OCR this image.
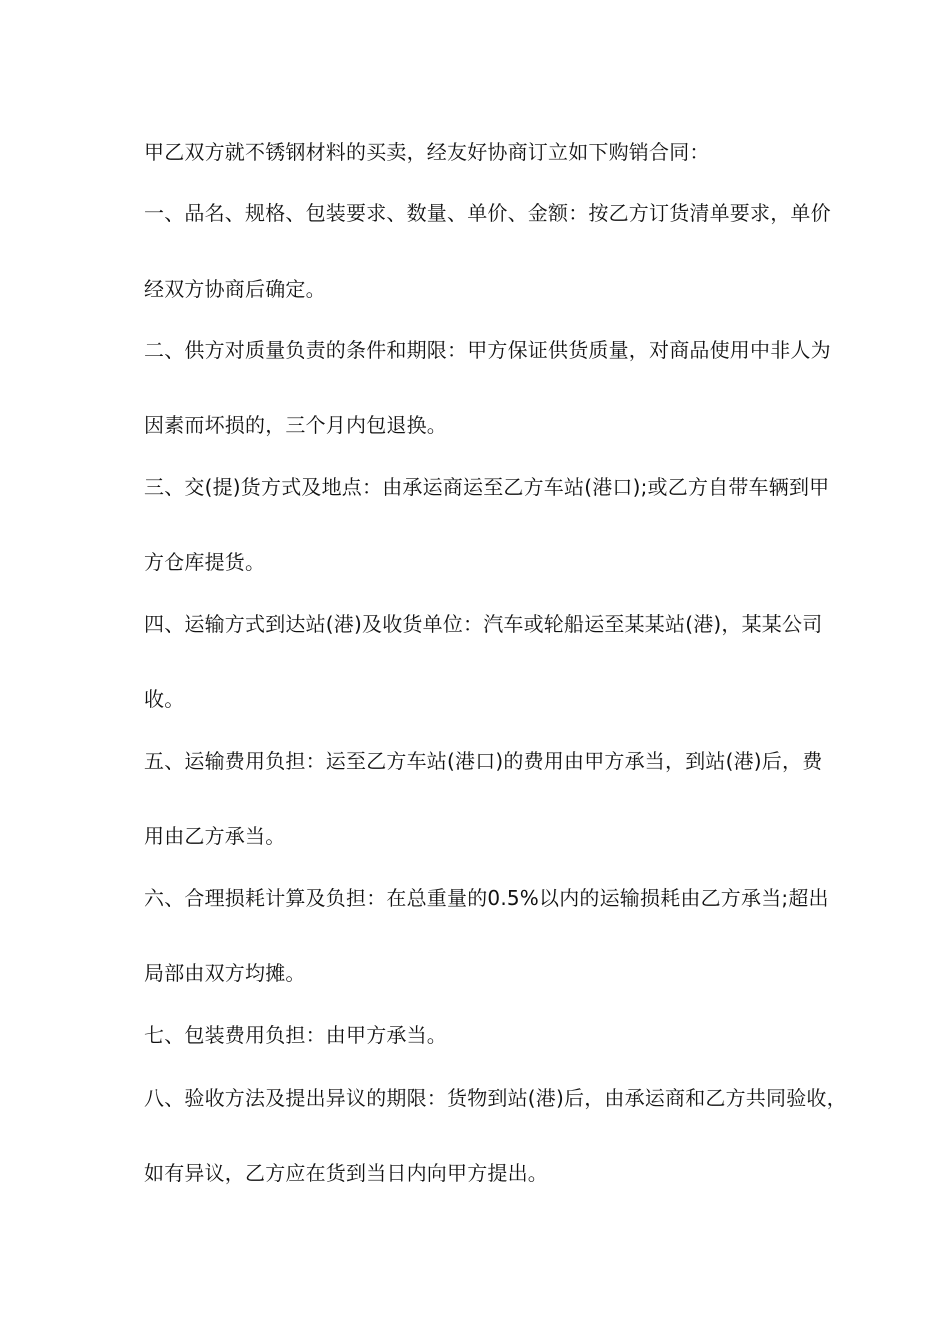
甲乙双方就不锈钢材料的买卖，经友好协商订立如下购销合同：
一、品名、规格、包装要求、数量、单价、金额：按乙方订货清单要求，单价
经双方协商后确定。
二、供方对质量负责的条件和期限：甲方保证供货质量，对商品使用中非人为
因素而坏损的，三个月内包退换。
三、交(提)货方式及地点：由承运商运至乙方车站(港口);或乙方自带车辆到甲
方仓库提货。
四、运输方式到达站(港)及收货单位：汽车或轮船运至某某站(港)，某某公司
收。
五、运输费用负担：运至乙方车站(港口)的费用由甲方承当，到站(港)后，费
用由乙方承当。
六、合理损耗计算及负担：在总重量的0.5%以内的运输损耗由乙方承当;超出
局部由双方均摊。
七、包装费用负担：由甲方承当。
八、验收方法及提出异议的期限：货物到站(港)后，由承运商和乙方共同验收，
如有异议，乙方应在货到当日内向甲方提出。
